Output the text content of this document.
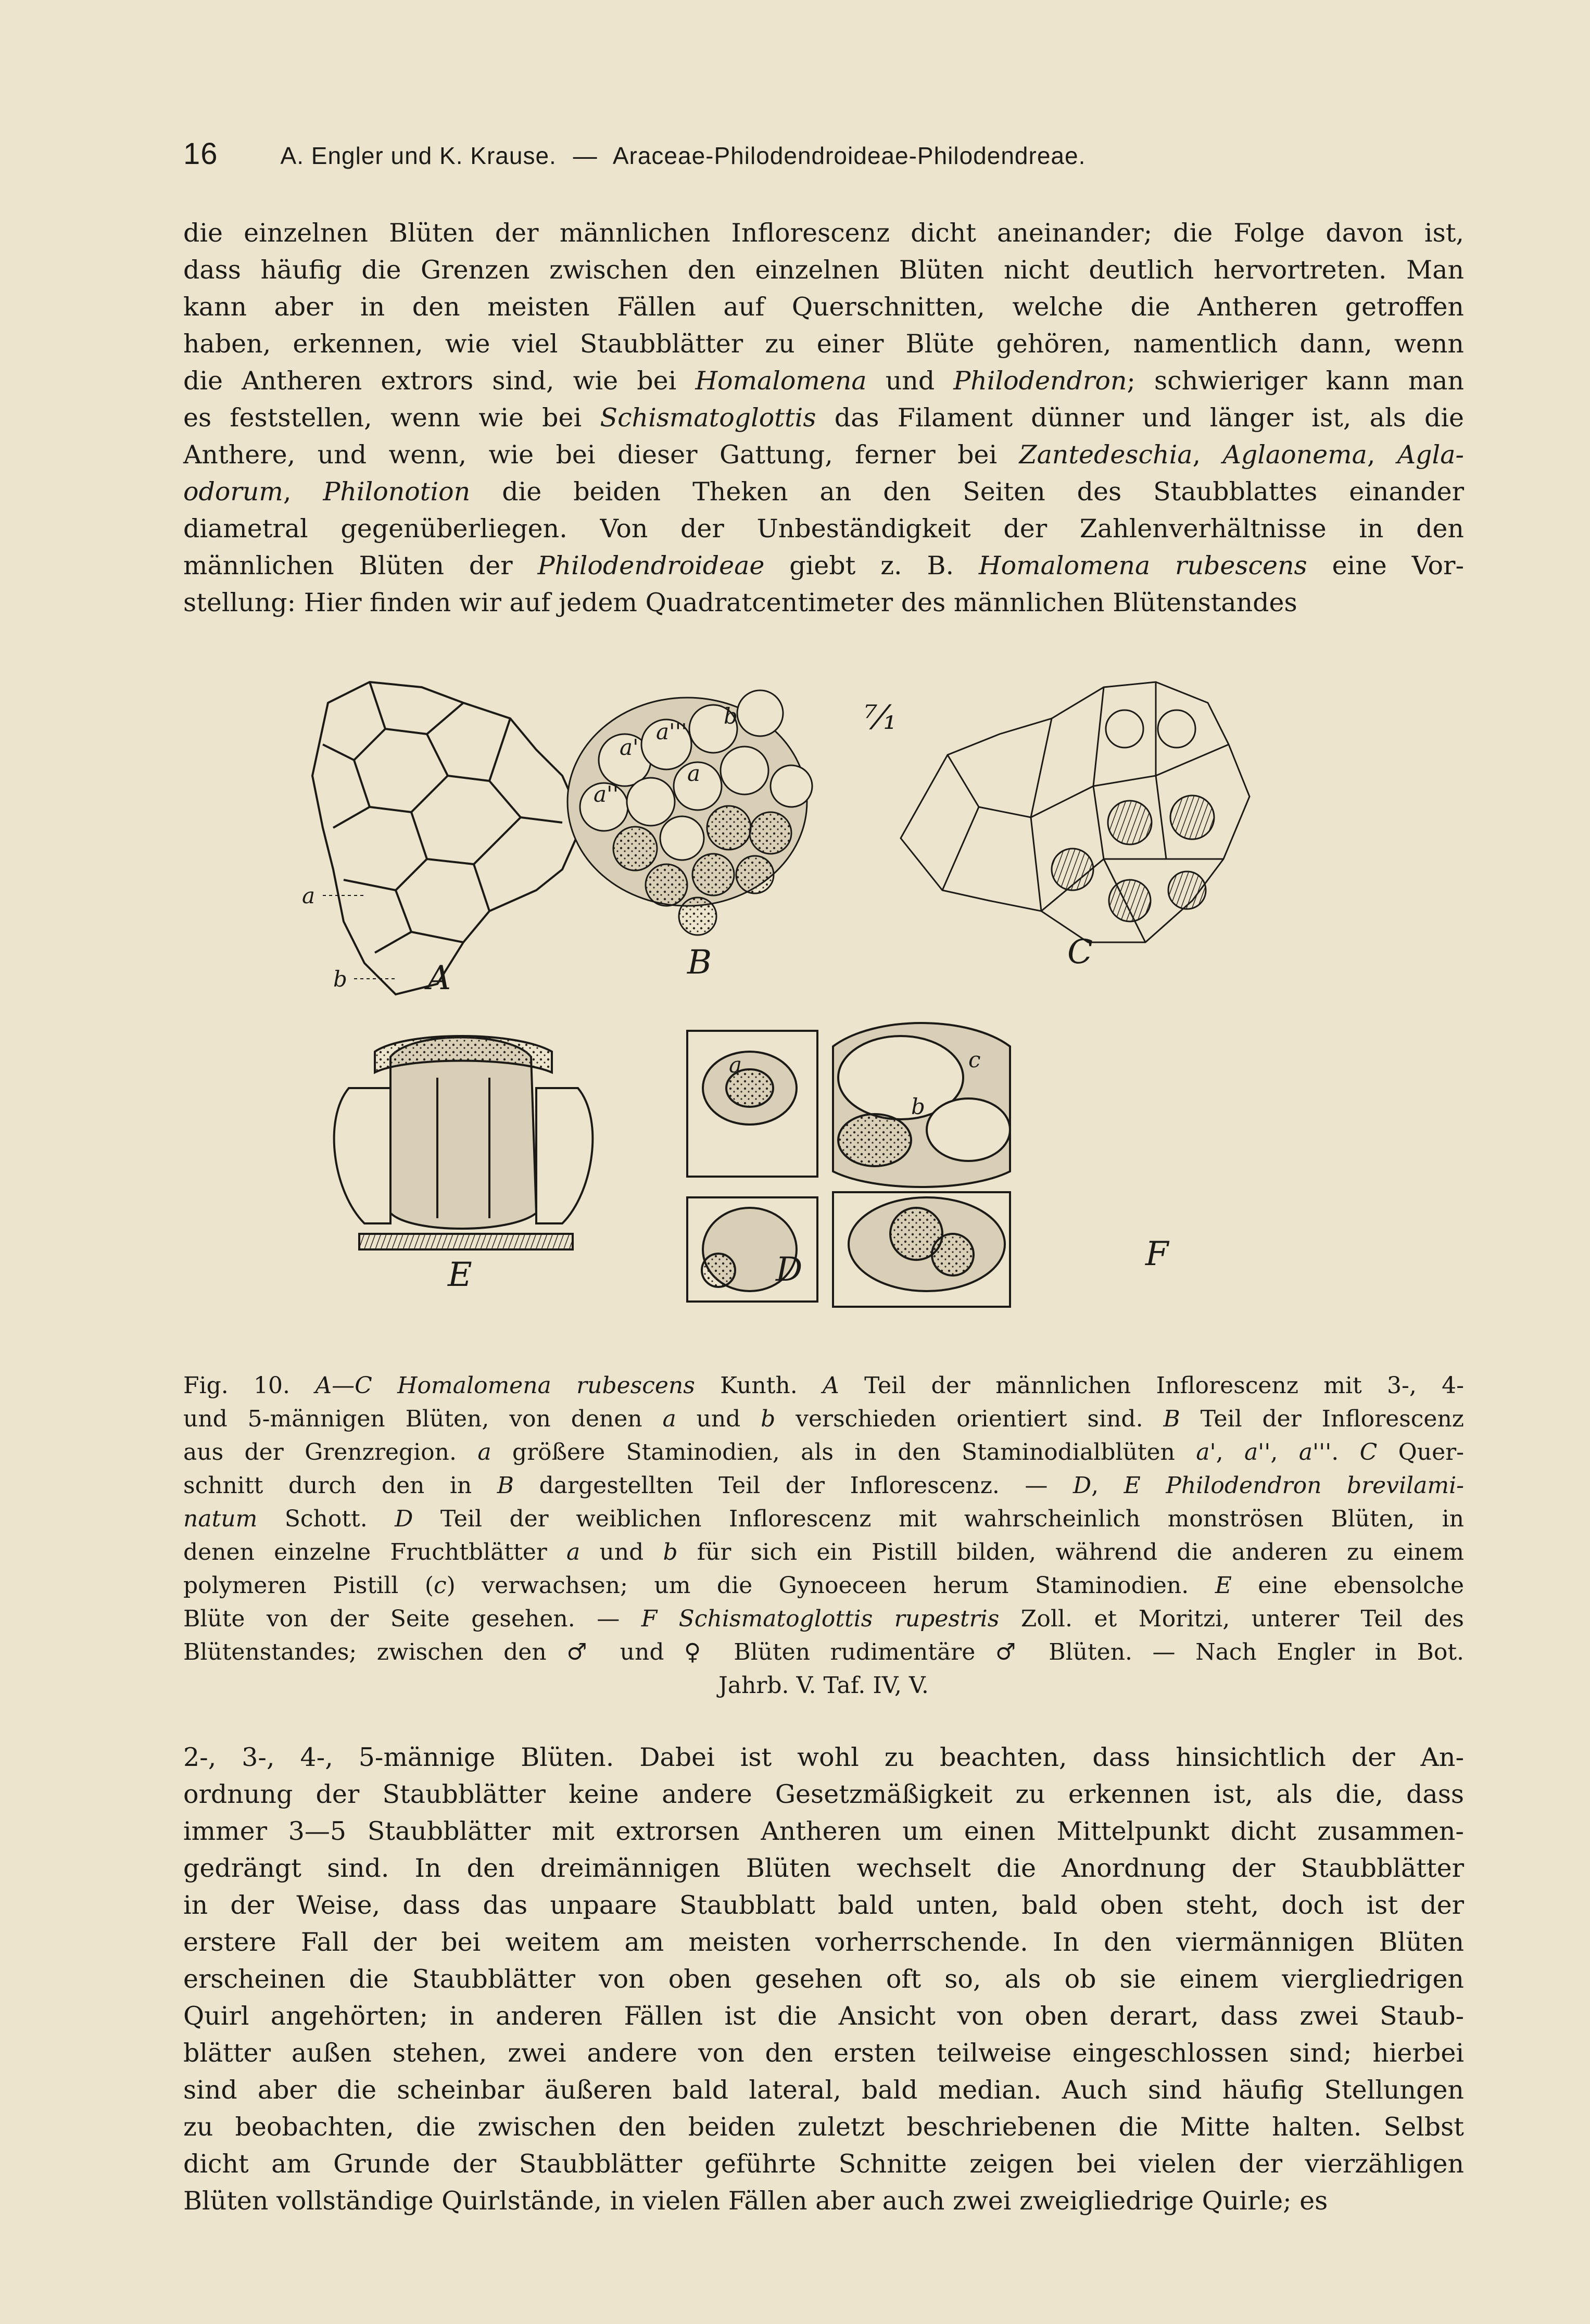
16	A. Engler und K. Krause. — Araceae-Philodendroideae-Philodendreae.
die einzelnen Blüten der männlichen Inflorescenz dicht aneinander; die Folge davon ist,
dass häufig die Grenzen zwischen den einzelnen Blüten nicht deutlich hervortreten. Man
kann aber in den meisten Fällen auf Querschnitten, welche die Antheren getroffen
haben, erkennen, wie viel Staubblätter zu einer Blüte gehören, namentlich dann, wenn
die Antheren extrors sind, wie bei Homalomena und Philodendron; schwieriger kann man
es feststellen, wenn wie bei Schismatoglottis das Filament dünner und länger ist, als die
Anthere, und wenn, wie bei dieser Gattung, ferner bei Zantedeschia, Aglaonema, Agla-
odorum, Philonotion die beiden Theken an den Seiten des Staubblattes einander
diametral gegenüberliegen. Von der Unbeständigkeit der Zahlenverhältnisse in den
männlichen Blüten der Philodendroideae giebt z. B. Homalomena rubescens eine Vor-
stellung: Hier finden wir auf jedem Quadratcentimeter des männlichen Blütenstandes
a
b A
a'
a'''
b
a''
a
B
⁷⁄₁
C
E
a
D
c
b
F
Fig. 10. A—C Homalomena rubescens Kunth. A Teil der männlichen Inflorescenz mit 3-, 4-
und 5-männigen Blüten, von denen a und b verschieden orientiert sind. B Teil der Inflorescenz
aus der Grenzregion. a größere Staminodien, als in den Staminodialblüten a', a'', a'''. C Quer-
schnitt durch den in B dargestellten Teil der Inflorescenz. — D, E Philodendron brevilami-
natum Schott. D Teil der weiblichen Inflorescenz mit wahrscheinlich monströsen Blüten, in
denen einzelne Fruchtblätter a und b für sich ein Pistill bilden, während die anderen zu einem
polymeren Pistill (c) verwachsen; um die Gynoeceen herum Staminodien. E eine ebensolche
Blüte von der Seite gesehen. — F Schismatoglottis rupestris Zoll. et Moritzi, unterer Teil des
Blütenstandes; zwischen den ♂ und ♀ Blüten rudimentäre ♂ Blüten. — Nach Engler in Bot.
Jahrb. V. Taf. IV, V.
2-, 3-, 4-, 5-männige Blüten. Dabei ist wohl zu beachten, dass hinsichtlich der An-
ordnung der Staubblätter keine andere Gesetzmäßigkeit zu erkennen ist, als die, dass
immer 3—5 Staubblätter mit extrorsen Antheren um einen Mittelpunkt dicht zusammen-
gedrängt sind. In den dreimännigen Blüten wechselt die Anordnung der Staubblätter
in der Weise, dass das unpaare Staubblatt bald unten, bald oben steht, doch ist der
erstere Fall der bei weitem am meisten vorherrschende. In den viermännigen Blüten
erscheinen die Staubblätter von oben gesehen oft so, als ob sie einem viergliedrigen
Quirl angehörten; in anderen Fällen ist die Ansicht von oben derart, dass zwei Staub-
blätter außen stehen, zwei andere von den ersten teilweise eingeschlossen sind; hierbei
sind aber die scheinbar äußeren bald lateral, bald median. Auch sind häufig Stellungen
zu beobachten, die zwischen den beiden zuletzt beschriebenen die Mitte halten. Selbst
dicht am Grunde der Staubblätter geführte Schnitte zeigen bei vielen der vierzähligen
Blüten vollständige Quirlstände, in vielen Fällen aber auch zwei zweigliedrige Quirle; es
